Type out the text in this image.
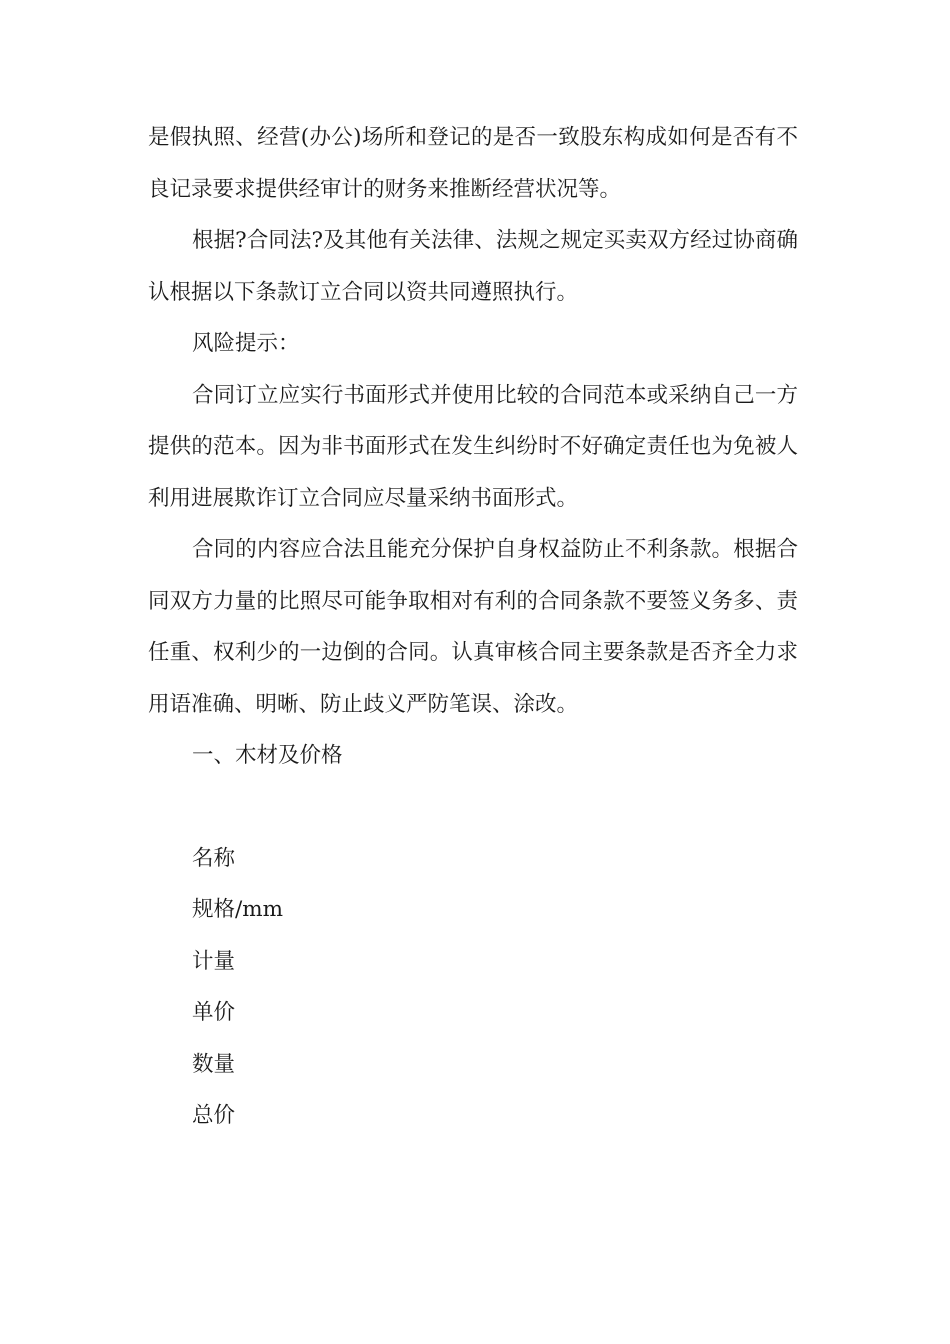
是假执照、经营(办公)场所和登记的是否一致股东构成如何是否有不良记录要求提供经审计的财务来推断经营状况等。

根据?合同法?及其他有关法律、法规之规定买卖双方经过协商确认根据以下条款订立合同以资共同遵照执行。

风险提示：

合同订立应实行书面形式并使用比较的合同范本或采纳自己一方提供的范本。因为非书面形式在发生纠纷时不好确定责任也为免被人利用进展欺诈订立合同应尽量采纳书面形式。

合同的内容应合法且能充分保护自身权益防止不利条款。根据合同双方力量的比照尽可能争取相对有利的合同条款不要签义务多、责任重、权利少的一边倒的合同。认真审核合同主要条款是否齐全力求用语准确、明晰、防止歧义严防笔误、涂改。

一、木材及价格

名称

规格/mm

计量

单价

数量

总价
